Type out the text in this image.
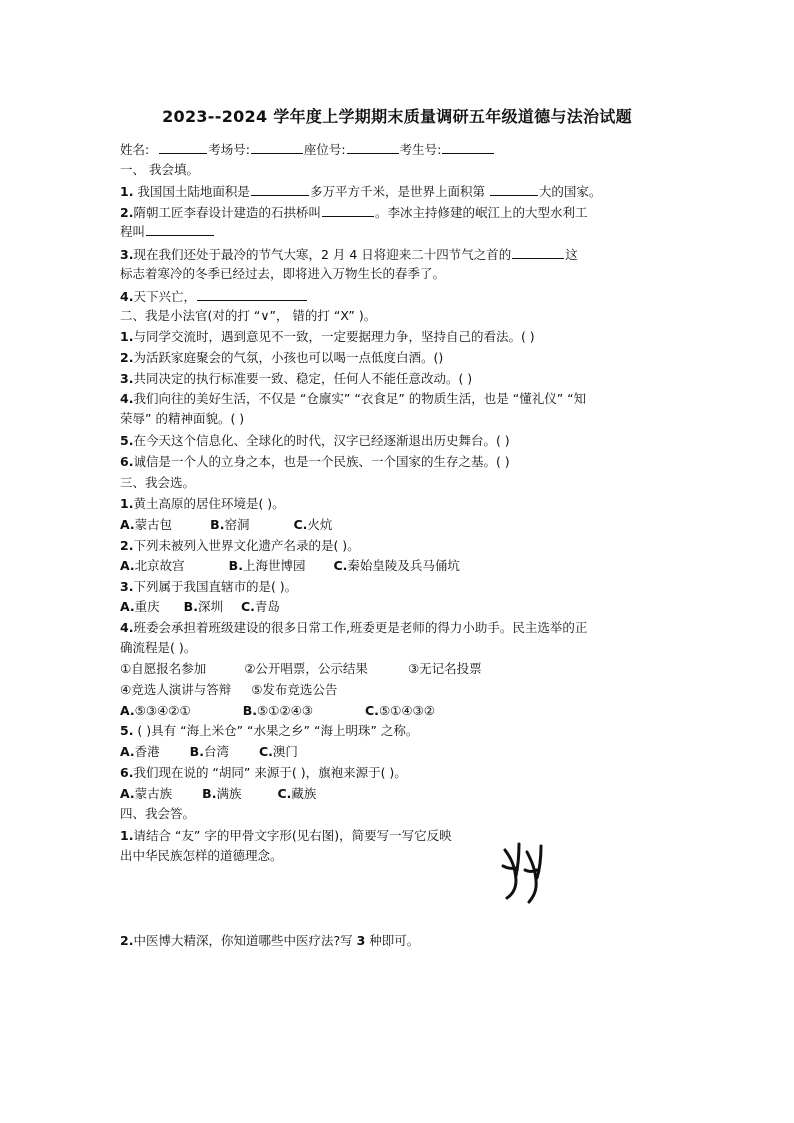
2023--2024 学年度上学期期末质量调研五年级道德与法治试题
姓名:	考场号:	座位号:	考生号:
一、 我会填。
1. 我国国土陆地面积是	多万平方千米，是世界上面积第	大的国家。
2.隋朝工匠李春设计建造的石拱桥叫	。李冰主持修建的岷江上的大型水利工
程叫
3.现在我们还处于最冷的节气大寒，2 月 4 日将迎来二十四节气之首的	这
标志着寒冷的冬季已经过去，即将进入万物生长的春季了。
4.天下兴亡，
二、我是小法官(对的打 “∨”， 错的打 “X” )。
1.与同学交流时，遇到意见不一致，一定要据理力争，坚持自己的看法。( )
2.为活跃家庭聚会的气氛，小孩也可以喝一点低度白酒。()
3.共同决定的执行标准要一致、稳定，任何人不能任意改动。( )
4.我们向往的美好生活，不仅是 “仓廪实” “衣食足” 的物质生活，也是 “懂礼仪” “知
荣辱” 的精神面貌。( )
5.在今天这个信息化、全球化的时代，汉字已经逐渐退出历史舞台。( )
6.诚信是一个人的立身之本，也是一个民族、一个国家的生存之基。( )
三、我会选。
1.黄土高原的居住环境是( )。
A.蒙古包	B.窑洞	C.火炕
2.下列未被列入世界文化遗产名录的是( )。
A.北京故宫	B.上海世博园 C.秦始皇陵及兵马俑坑
3.下列属于我国直辖市的是( )。
A.重庆 B.深圳 C.青岛
4.班委会承担着班级建设的很多日常工作,班委更是老师的得力小助手。民主选举的正
确流程是( )。
①自愿报名参加	②公开唱票，公示结果	③无记名投票
④竞选人演讲与答辩 ⑤发布竞选公告
A.⑤③④②①	B.⑤①②④③	C.⑤①④③②
5. ( )具有 “海上米仓” “水果之乡” “海上明珠” 之称。
A.香港 B.台湾 C.澳门
6.我们现在说的 “胡同” 来源于( )，旗袍来源于( )。
A.蒙古族 B.满族	C.藏族
四、我会答。
1.请结合 “友” 字的甲骨文字形(见右图)，简要写一写它反映
出中华民族怎样的道德理念。
2.中医博大精深，你知道哪些中医疗法?写 3 种即可。
